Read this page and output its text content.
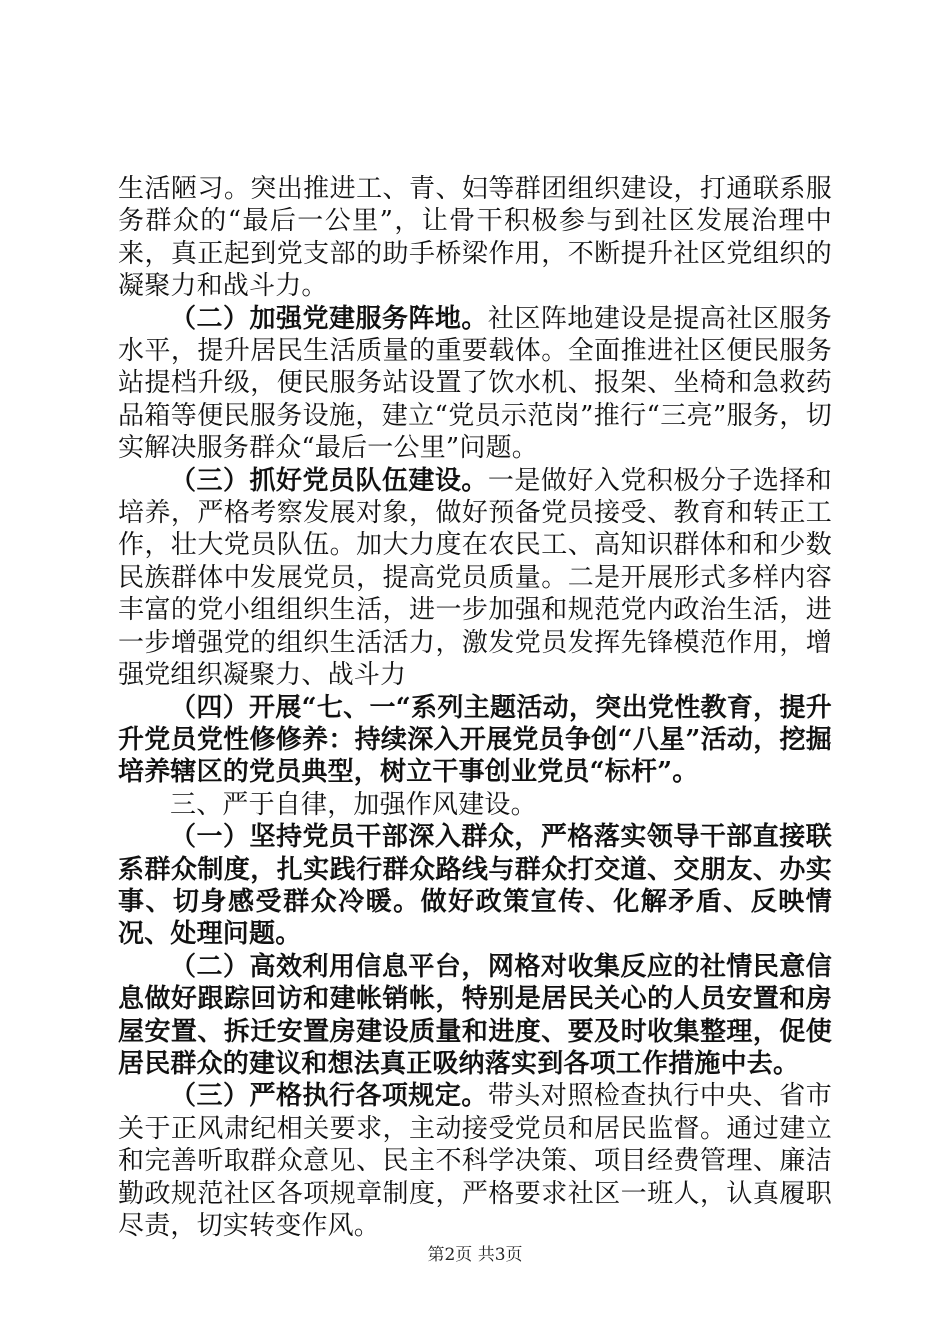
生活陋习。突出推进工、青、妇等群团组织建设，打通联系服务群众的“最后一公里”，让骨干积极参与到社区发展治理中来，真正起到党支部的助手桥梁作用，不断提升社区党组织的凝聚力和战斗力。

（二）加强党建服务阵地。社区阵地建设是提高社区服务水平，提升居民生活质量的重要载体。全面推进社区便民服务站提档升级，便民服务站设置了饮水机、报架、坐椅和急救药品箱等便民服务设施，建立“党员示范岗”推行“三亮”服务，切实解决服务群众“最后一公里”问题。

（三）抓好党员队伍建设。一是做好入党积极分子选择和培养，严格考察发展对象，做好预备党员接受、教育和转正工作，壮大党员队伍。加大力度在农民工、高知识群体和和少数民族群体中发展党员，提高党员质量。二是开展形式多样内容丰富的党小组组织生活，进一步加强和规范党内政治生活，进一步增强党的组织生活活力，激发党员发挥先锋模范作用，增强党组织凝聚力、战斗力

（四）开展“七、一“系列主题活动，突出党性教育，提升升党员党性修修养：持续深入开展党员争创“八星”活动，挖掘培养辖区的党员典型，树立干事创业党员“标杆”。

三、严于自律，加强作风建设。

（一）坚持党员干部深入群众，严格落实领导干部直接联系群众制度，扎实践行群众路线与群众打交道、交朋友、办实事、切身感受群众冷暖。做好政策宣传、化解矛盾、反映情况、处理问题。

（二）高效利用信息平台，网格对收集反应的社情民意信息做好跟踪回访和建帐销帐，特别是居民关心的人员安置和房屋安置、拆迁安置房建设质量和进度、要及时收集整理，促使居民群众的建议和想法真正吸纳落实到各项工作措施中去。

（三）严格执行各项规定。带头对照检查执行中央、省市关于正风肃纪相关要求，主动接受党员和居民监督。通过建立和完善听取群众意见、民主不科学决策、项目经费管理、廉洁勤政规范社区各项规章制度，严格要求社区一班人，认真履职尽责，切实转变作风。

第2页 共3页
